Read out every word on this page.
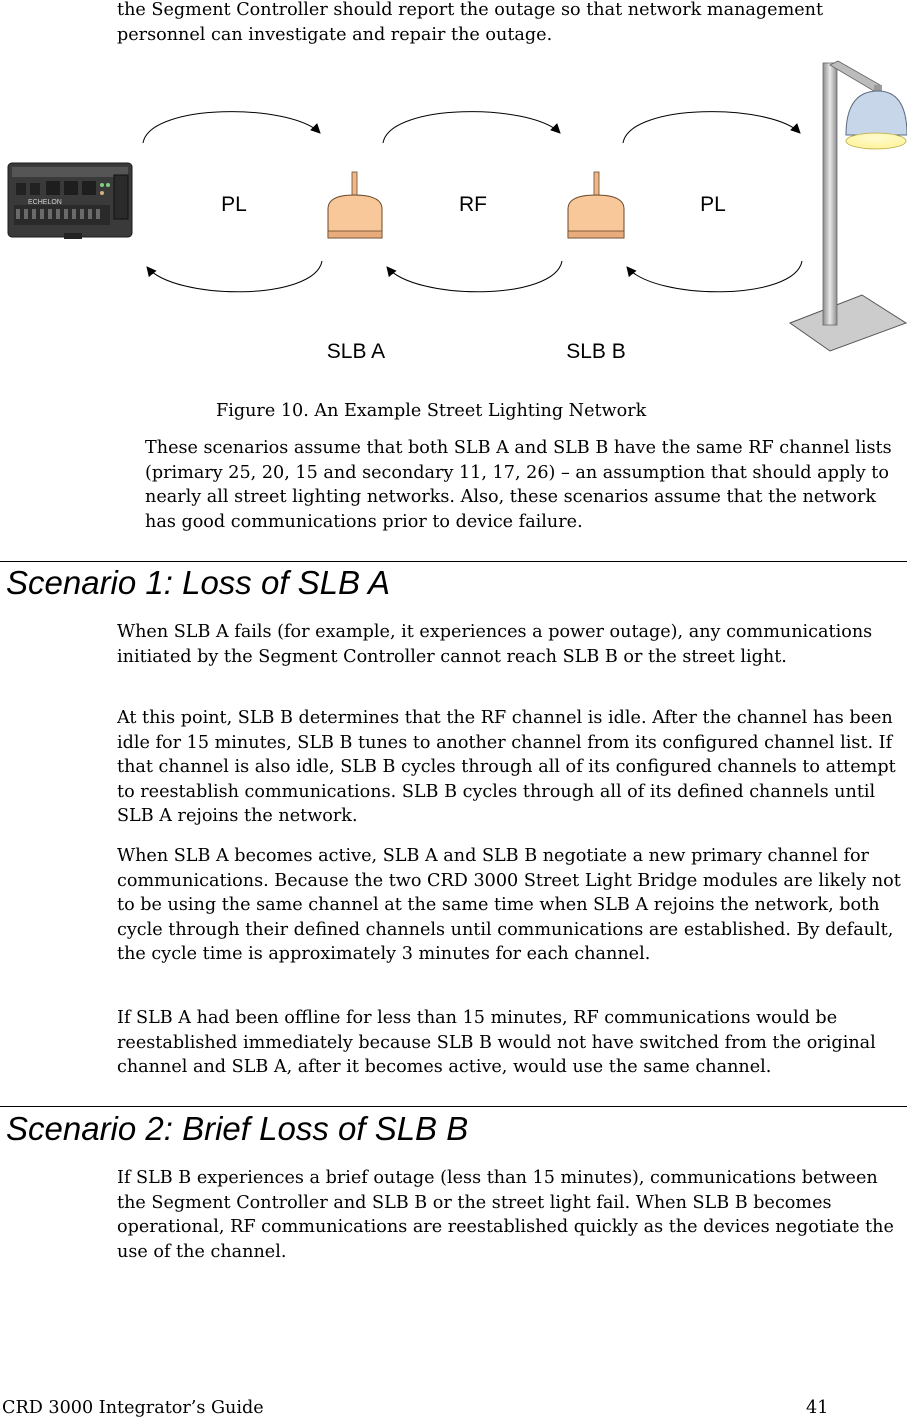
the Segment Controller should report the outage so that network management personnel can investigate and repair the outage.

ECHELON	PL	RF	PL
SLB A	SLB B

Figure 10. An Example Street Lighting Network

These scenarios assume that both SLB A and SLB B have the same RF channel lists (primary 25, 20, 15 and secondary 11, 17, 26) – an assumption that should apply to nearly all street lighting networks. Also, these scenarios assume that the network has good communications prior to device failure.

Scenario 1: Loss of SLB A

When SLB A fails (for example, it experiences a power outage), any communications initiated by the Segment Controller cannot reach SLB B or the street light.

At this point, SLB B determines that the RF channel is idle. After the channel has been idle for 15 minutes, SLB B tunes to another channel from its configured channel list. If that channel is also idle, SLB B cycles through all of its configured channels to attempt to reestablish communications. SLB B cycles through all of its defined channels until SLB A rejoins the network.

When SLB A becomes active, SLB A and SLB B negotiate a new primary channel for communications. Because the two CRD 3000 Street Light Bridge modules are likely not to be using the same channel at the same time when SLB A rejoins the network, both cycle through their defined channels until communications are established. By default, the cycle time is approximately 3 minutes for each channel.

If SLB A had been offline for less than 15 minutes, RF communications would be reestablished immediately because SLB B would not have switched from the original channel and SLB A, after it becomes active, would use the same channel.

Scenario 2: Brief Loss of SLB B

If SLB B experiences a brief outage (less than 15 minutes), communications between the Segment Controller and SLB B or the street light fail. When SLB B becomes operational, RF communications are reestablished quickly as the devices negotiate the use of the channel.

CRD 3000 Integrator’s Guide	41
